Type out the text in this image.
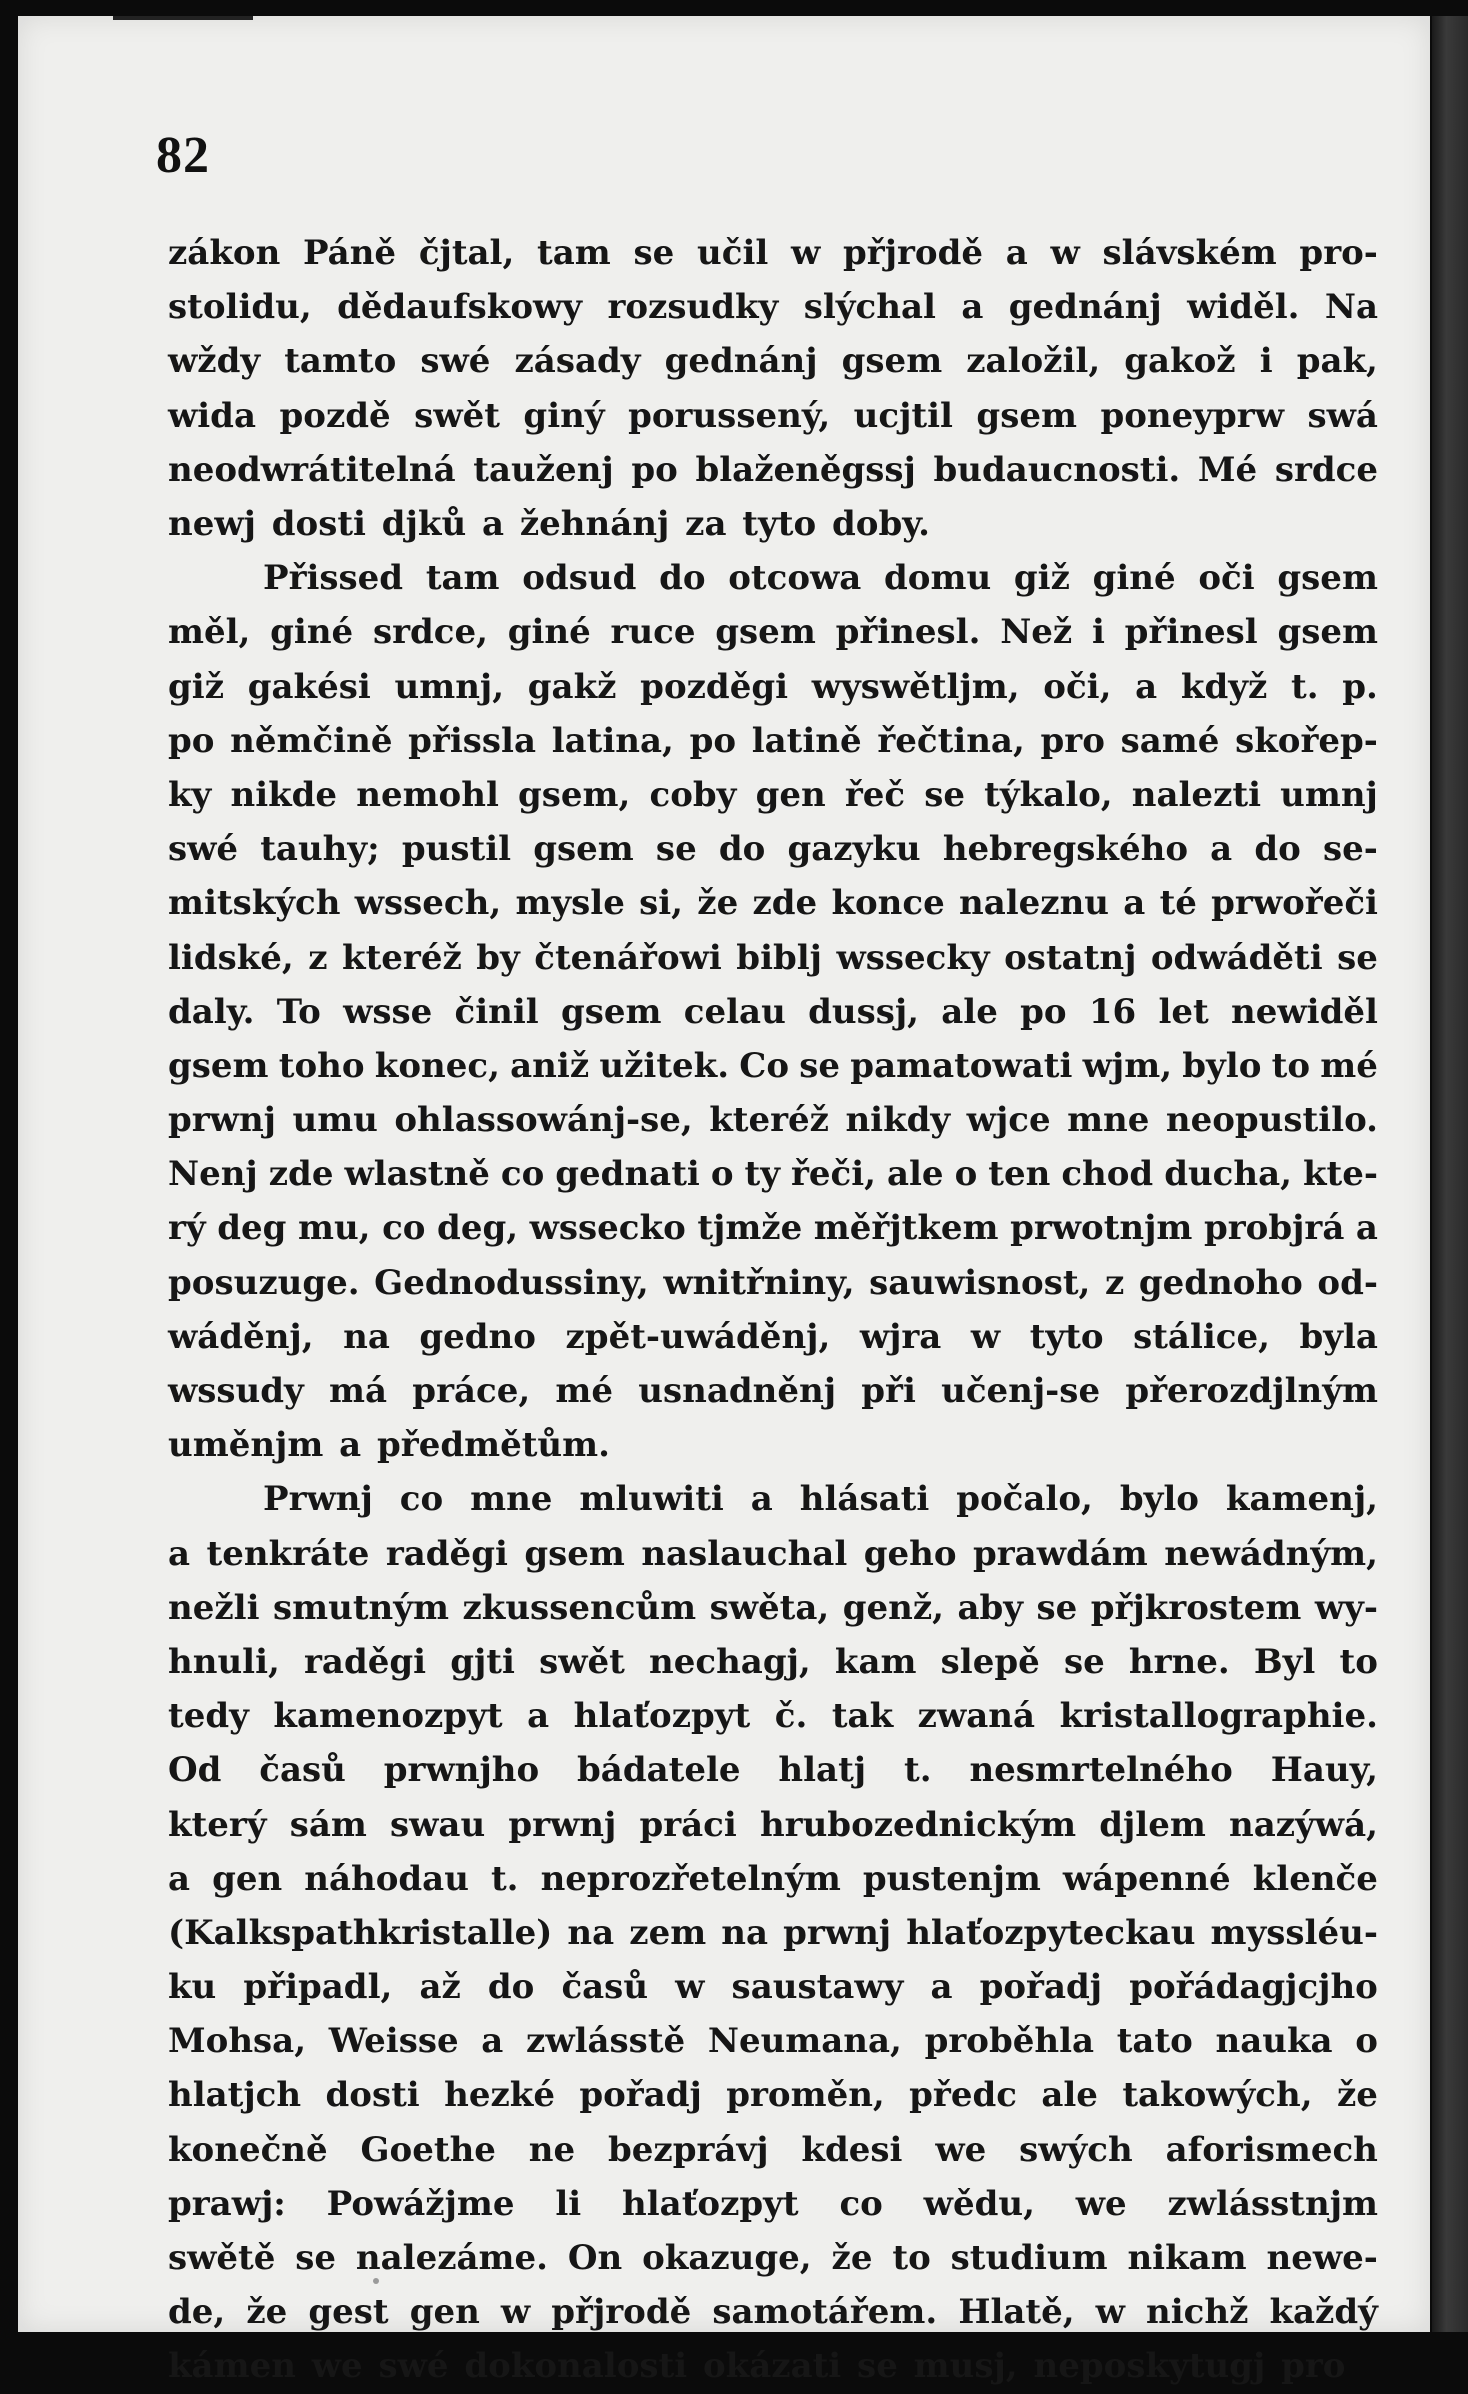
82
zákon Páně čjtal, tam se učil w přjrodě a w slávském pro-
stolidu, dědaufskowy rozsudky slýchal a gednánj widěl. Na
wždy tamto swé zásady gednánj gsem založil, gakož i pak,
wida pozdě swět giný porussený, ucjtil gsem poneyprw swá
neodwrátitelná tauženj po blaženěgssj budaucnosti. Mé srdce
newj dosti djků a žehnánj za tyto doby.
Přissed tam odsud do otcowa domu giž giné oči gsem
měl, giné srdce, giné ruce gsem přinesl. Než i přinesl gsem
giž gakési umnj, gakž pozděgi wyswětljm, oči, a když t. p.
po němčině přissla latina, po latině řečtina, pro samé skořep-
ky nikde nemohl gsem, coby gen řeč se týkalo, nalezti umnj
swé tauhy; pustil gsem se do gazyku hebregského a do se-
mitských wssech, mysle si, že zde konce naleznu a té prwořeči
lidské, z kteréž by čtenářowi biblj wssecky ostatnj odwáděti se
daly. To wsse činil gsem celau dussj, ale po 16 let newiděl
gsem toho konec, aniž užitek. Co se pamatowati wjm, bylo to mé
prwnj umu ohlassowánj-se, kteréž nikdy wjce mne neopustilo.
Nenj zde wlastně co gednati o ty řeči, ale o ten chod ducha, kte-
rý deg mu, co deg, wssecko tjmže měřjtkem prwotnjm probjrá a
posuzuge. Gednodussiny, wnitřniny, sauwisnost, z gednoho od-
wáděnj, na gedno zpět-uwáděnj, wjra w tyto stálice, byla
wssudy má práce, mé usnadněnj při učenj-se přerozdjlným
uměnjm a předmětům.
Prwnj co mne mluwiti a hlásati počalo, bylo kamenj,
a tenkráte raděgi gsem naslauchal geho prawdám newádným,
nežli smutným zkussencům swěta, genž, aby se přjkrostem wy-
hnuli, raděgi gjti swět nechagj, kam slepě se hrne. Byl to
tedy kamenozpyt a hlaťozpyt č. tak zwaná kristallographie.
Od časů prwnjho bádatele hlatj t. nesmrtelného Hauy,
který sám swau prwnj práci hrubozednickým djlem nazýwá,
a gen náhodau t. neprozřetelným pustenjm wápenné klenče
(Kalkspathkristalle) na zem na prwnj hlaťozpyteckau myssléu-
ku připadl, až do časů w saustawy a pořadj pořádagjcjho
Mohsa, Weisse a zwlásstě Neumana, proběhla tato nauka o
hlatjch dosti hezké pořadj proměn, předc ale takowých, že
konečně Goethe ne bezprávj kdesi we swých aforismech
prawj: Powážjme li hlaťozpyt co wědu, we zwlásstnjm
swětě se nalezáme. On okazuge, že to studium nikam newe-
de, že gest gen w přjrodě samotářem. Hlatě, w nichž každý
kámen we swé dokonalosti okázati se musj, neposkytugj pro
